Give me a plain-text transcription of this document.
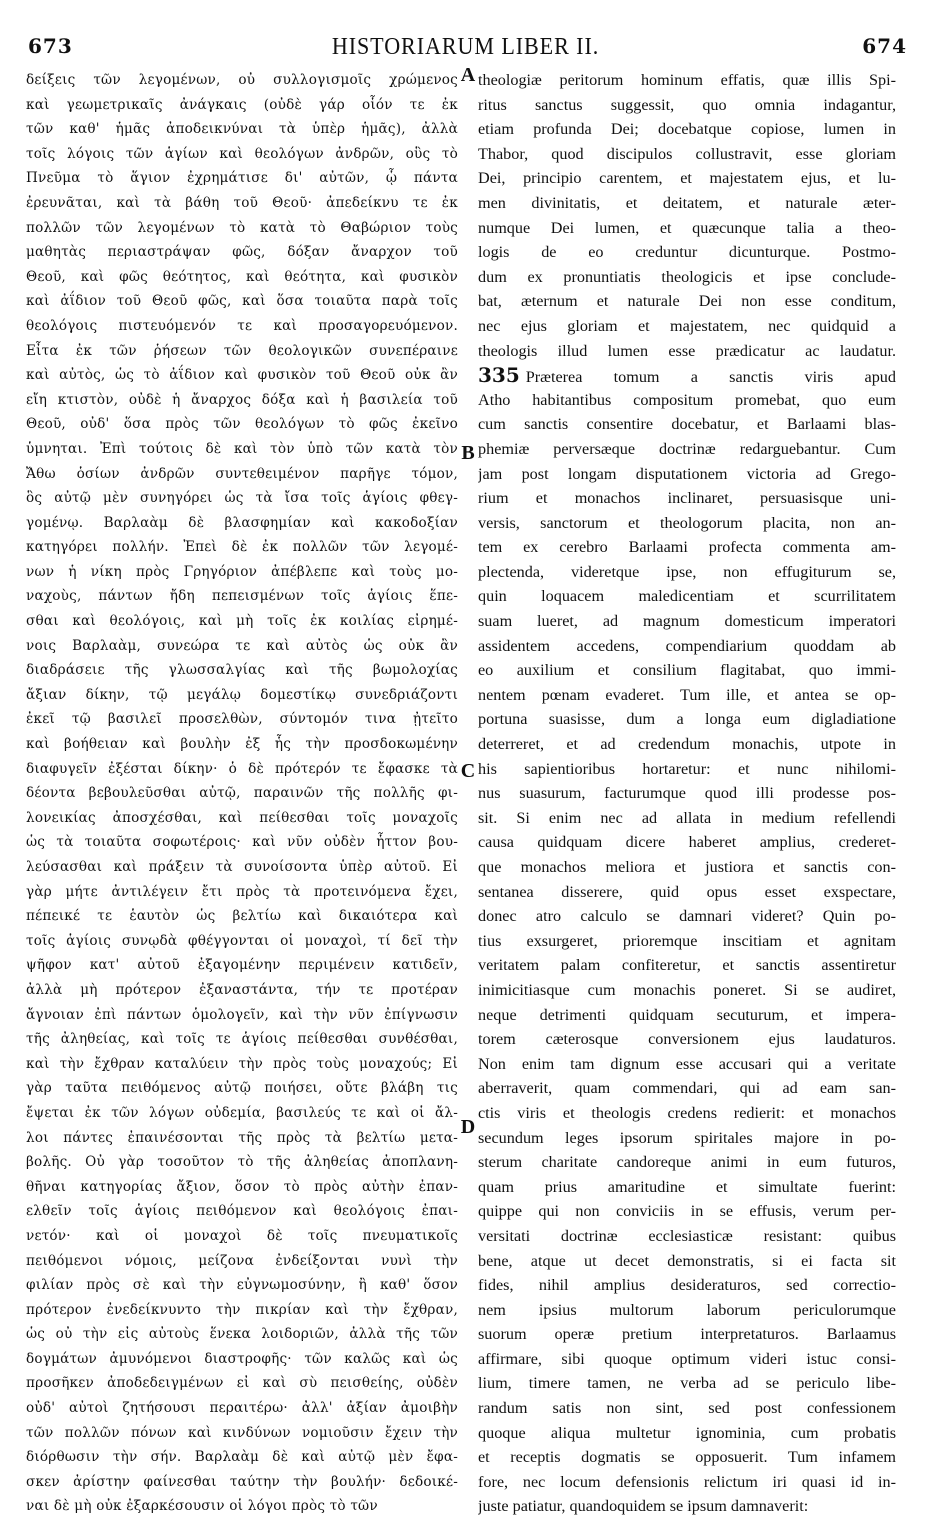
673	HISTORIARUM LIBER II.	674
A
B
C
D
δείξεις τῶν λεγομένων, οὐ συλλογισμοῖς χρώμενος
καὶ γεωμετρικαῖς ἀνάγκαις (οὐδὲ γάρ οἷόν τε ἐκ
τῶν καθ' ἡμᾶς ἀποδεικνύναι τὰ ὑπὲρ ἡμᾶς), ἀλλὰ
τοῖς λόγοις τῶν ἁγίων καὶ θεολόγων ἀνδρῶν, οὓς τὸ
Πνεῦμα τὸ ἅγιον ἐχρημάτισε δι' αὐτῶν, ᾧ πάντα
ἐρευνᾶται, καὶ τὰ βάθη τοῦ Θεοῦ· ἀπεδείκνυ τε ἐκ
πολλῶν τῶν λεγομένων τὸ κατὰ τὸ Θαβώριον τοὺς
μαθητὰς περιαστράψαν φῶς, δόξαν ἄναρχον τοῦ
Θεοῦ, καὶ φῶς θεότητος, καὶ θεότητα, καὶ φυσικὸν
καὶ ἀΐδιον τοῦ Θεοῦ φῶς, καὶ ὅσα τοιαῦτα παρὰ τοῖς
θεολόγοις πιστευόμενόν τε καὶ προσαγορευόμενον.
Εἶτα ἐκ τῶν ῥήσεων τῶν θεολογικῶν συνεπέραινε
καὶ αὐτὸς, ὡς τὸ ἀΐδιον καὶ φυσικὸν τοῦ Θεοῦ οὐκ ἂν
εἴη κτιστὸν, οὐδὲ ἡ ἄναρχος δόξα καὶ ἡ βασιλεία τοῦ
Θεοῦ, οὐδ' ὅσα πρὸς τῶν θεολόγων τὸ φῶς ἐκεῖνο
ὑμνηται. Ἐπὶ τούτοις δὲ καὶ τὸν ὑπὸ τῶν κατὰ τὸν
Ἄθω ὁσίων ἀνδρῶν συντεθειμένον παρῆγε τόμον,
ὃς αὐτῷ μὲν συνηγόρει ὡς τὰ ἴσα τοῖς ἁγίοις φθεγ-
γομένῳ. Βαρλαὰμ δὲ βλασφημίαν καὶ κακοδοξίαν
κατηγόρει πολλήν. Ἐπεὶ δὲ ἐκ πολλῶν τῶν λεγομέ-
νων ἡ νίκη πρὸς Γρηγόριον ἀπέβλεπε καὶ τοὺς μο-
ναχοὺς, πάντων ἤδη πεπεισμένων τοῖς ἁγίοις ἕπε-
σθαι καὶ θεολόγοις, καὶ μὴ τοῖς ἐκ κοιλίας εἰρημέ-
νοις Βαρλαὰμ, συνεώρα τε καὶ αὐτὸς ὡς οὐκ ἂν
διαδράσειε τῆς γλωσσαλγίας καὶ τῆς βωμολοχίας
ἄξιαν δίκην, τῷ μεγάλῳ δομεστίκῳ συνεδριάζοντι
ἐκεῖ τῷ βασιλεῖ προσελθὼν, σύντομόν τινα ᾐτεῖτο
καὶ βοήθειαν καὶ βουλὴν ἐξ ἧς τὴν προσδοκωμένην
διαφυγεῖν ἐξέσται δίκην· ὁ δὲ πρότερόν τε ἔφασκε τὰ
δέοντα βεβουλεῦσθαι αὐτῷ, παραινῶν τῆς πολλῆς φι-
λονεικίας ἀποσχέσθαι, καὶ πείθεσθαι τοῖς μοναχοῖς
ὡς τὰ τοιαῦτα σοφωτέροις· καὶ νῦν οὐδὲν ἧττον βου-
λεύσασθαι καὶ πράξειν τὰ συνοίσοντα ὑπὲρ αὐτοῦ. Εἰ
γὰρ μήτε ἀντιλέγειν ἔτι πρὸς τὰ προτεινόμενα ἔχει,
πέπεικέ τε ἑαυτὸν ὡς βελτίω καὶ δικαιότερα καὶ
τοῖς ἁγίοις συνῳδὰ φθέγγονται οἱ μοναχοὶ, τί δεῖ τὴν
ψῆφον κατ' αὐτοῦ ἐξαγομένην περιμένειν κατιδεῖν,
ἀλλὰ μὴ πρότερον ἐξαναστάντα, τήν τε προτέραν
ἄγνοιαν ἐπὶ πάντων ὁμολογεῖν, καὶ τὴν νῦν ἐπίγνωσιν
τῆς ἀληθείας, καὶ τοῖς τε ἁγίοις πείθεσθαι συνθέσθαι,
καὶ τὴν ἔχθραν καταλύειν τὴν πρὸς τοὺς μοναχούς; Εἰ
γὰρ ταῦτα πειθόμενος αὐτῷ ποιήσει, οὔτε βλάβη τις
ἔψεται ἐκ τῶν λόγων οὐδεμία, βασιλεύς τε καὶ οἱ ἄλ-
λοι πάντες ἐπαινέσονται τῆς πρὸς τὰ βελτίω μετα-
βολῆς. Οὐ γὰρ τοσοῦτον τὸ τῆς ἀληθείας ἀποπλανη-
θῆναι κατηγορίας ἄξιον, ὅσον τὸ πρὸς αὐτὴν ἐπαν-
ελθεῖν τοῖς ἁγίοις πειθόμενον καὶ θεολόγοις ἐπαι-
νετόν· καὶ οἱ μοναχοὶ δὲ τοῖς πνευματικοῖς
πειθόμενοι νόμοις, μείζονα ἐνδείξονται νυνὶ τὴν
φιλίαν πρὸς σὲ καὶ τὴν εὐγνωμοσύνην, ἢ καθ' ὅσον
πρότερον ἐνεδείκνυντο τὴν πικρίαν καὶ τὴν ἔχθραν,
ὡς οὐ τὴν εἰς αὐτοὺς ἕνεκα λοιδοριῶν, ἀλλὰ τῆς τῶν
δογμάτων ἀμυνόμενοι διαστροφῆς· τῶν καλῶς καὶ ὡς
προσῆκεν ἀποδεδειγμένων εἰ καὶ σὺ πεισθείης, οὐδὲν
οὐδ' αὐτοὶ ζητήσουσι περαιτέρω· ἀλλ' ἀξίαν ἀμοιβὴν
τῶν πολλῶν πόνων καὶ κινδύνων νομιοῦσιν ἔχειν τὴν
διόρθωσιν τὴν σήν. Βαρλαὰμ δὲ καὶ αὐτῷ μὲν ἔφα-
σκεν ἀρίστην φαίνεσθαι ταύτην τὴν βουλήν· δεδοικέ-
ναι δὲ μὴ οὐκ ἐξαρκέσουσιν οἱ λόγοι πρὸς τὸ τῶν
theologiæ peritorum hominum effatis, quæ illis Spi-
ritus sanctus suggessit, quo omnia indagantur,
etiam profunda Dei; docebatque copiose, lumen in
Thabor, quod discipulos collustravit, esse gloriam
Dei, principio carentem, et majestatem ejus, et lu-
men divinitatis, et deitatem, et naturale æter-
numque Dei lumen, et quæcunque talia a theo-
logis de eo creduntur dicunturque. Postmo-
dum ex pronuntiatis theologicis et ipse conclude-
bat, æternum et naturale Dei non esse conditum,
nec ejus gloriam et majestatem, nec quidquid a
theologis illud lumen esse prædicatur ac laudatur.
335 Præterea tomum a sanctis viris apud
Atho habitantibus compositum promebat, quo eum
cum sanctis consentire docebatur, et Barlaami blas-
phemiæ perversæque doctrinæ redarguebantur. Cum
jam post longam disputationem victoria ad Grego-
rium et monachos inclinaret, persuasisque uni-
versis, sanctorum et theologorum placita, non an-
tem ex cerebro Barlaami profecta commenta am-
plectenda, videretque ipse, non effugiturum se,
quin loquacem maledicentiam et scurrilitatem
suam lueret, ad magnum domesticum imperatori
assidentem accedens, compendiarium quoddam ab
eo auxilium et consilium flagitabat, quo immi-
nentem pœnam evaderet. Tum ille, et antea se op-
portuna suasisse, dum a longa eum digladiatione
deterreret, et ad credendum monachis, utpote in
his sapientioribus hortaretur: et nunc nihilomi-
nus suasurum, facturumque quod illi prodesse pos-
sit. Si enim nec ad allata in medium refellendi
causa quidquam dicere haberet amplius, crederet-
que monachos meliora et justiora et sanctis con-
sentanea disserere, quid opus esset exspectare,
donec atro calculo se damnari videret? Quin po-
tius exsurgeret, prioremque inscitiam et agnitam
veritatem palam confiteretur, et sanctis assentiretur
inimicitiasque cum monachis poneret. Si se audiret,
neque detrimenti quidquam secuturum, et impera-
torem cæterosque conversionem ejus laudaturos.
Non enim tam dignum esse accusari qui a veritate
aberraverit, quam commendari, qui ad eam san-
ctis viris et theologis credens redierit: et monachos
secundum leges ipsorum spiritales majore in po-
sterum charitate candoreque animi in eum futuros,
quam prius amaritudine et simultate fuerint:
quippe qui non conviciis in se effusis, verum per-
versitati doctrinæ ecclesiasticæ resistant: quibus
bene, atque ut decet demonstratis, si ei facta sit
fides, nihil amplius desideraturos, sed correctio-
nem ipsius multorum laborum periculorumque
suorum operæ pretium interpretaturos. Barlaamus
affirmare, sibi quoque optimum videri istuc consi-
lium, timere tamen, ne verba ad se periculo libe-
randum satis non sint, sed post confessionem
quoque aliqua multetur ignominia, cum probatis
et receptis dogmatis se opposuerit. Tum infamem
fore, nec locum defensionis relictum iri quasi id in-
juste patiatur, quandoquidem se ipsum damnaverit:
